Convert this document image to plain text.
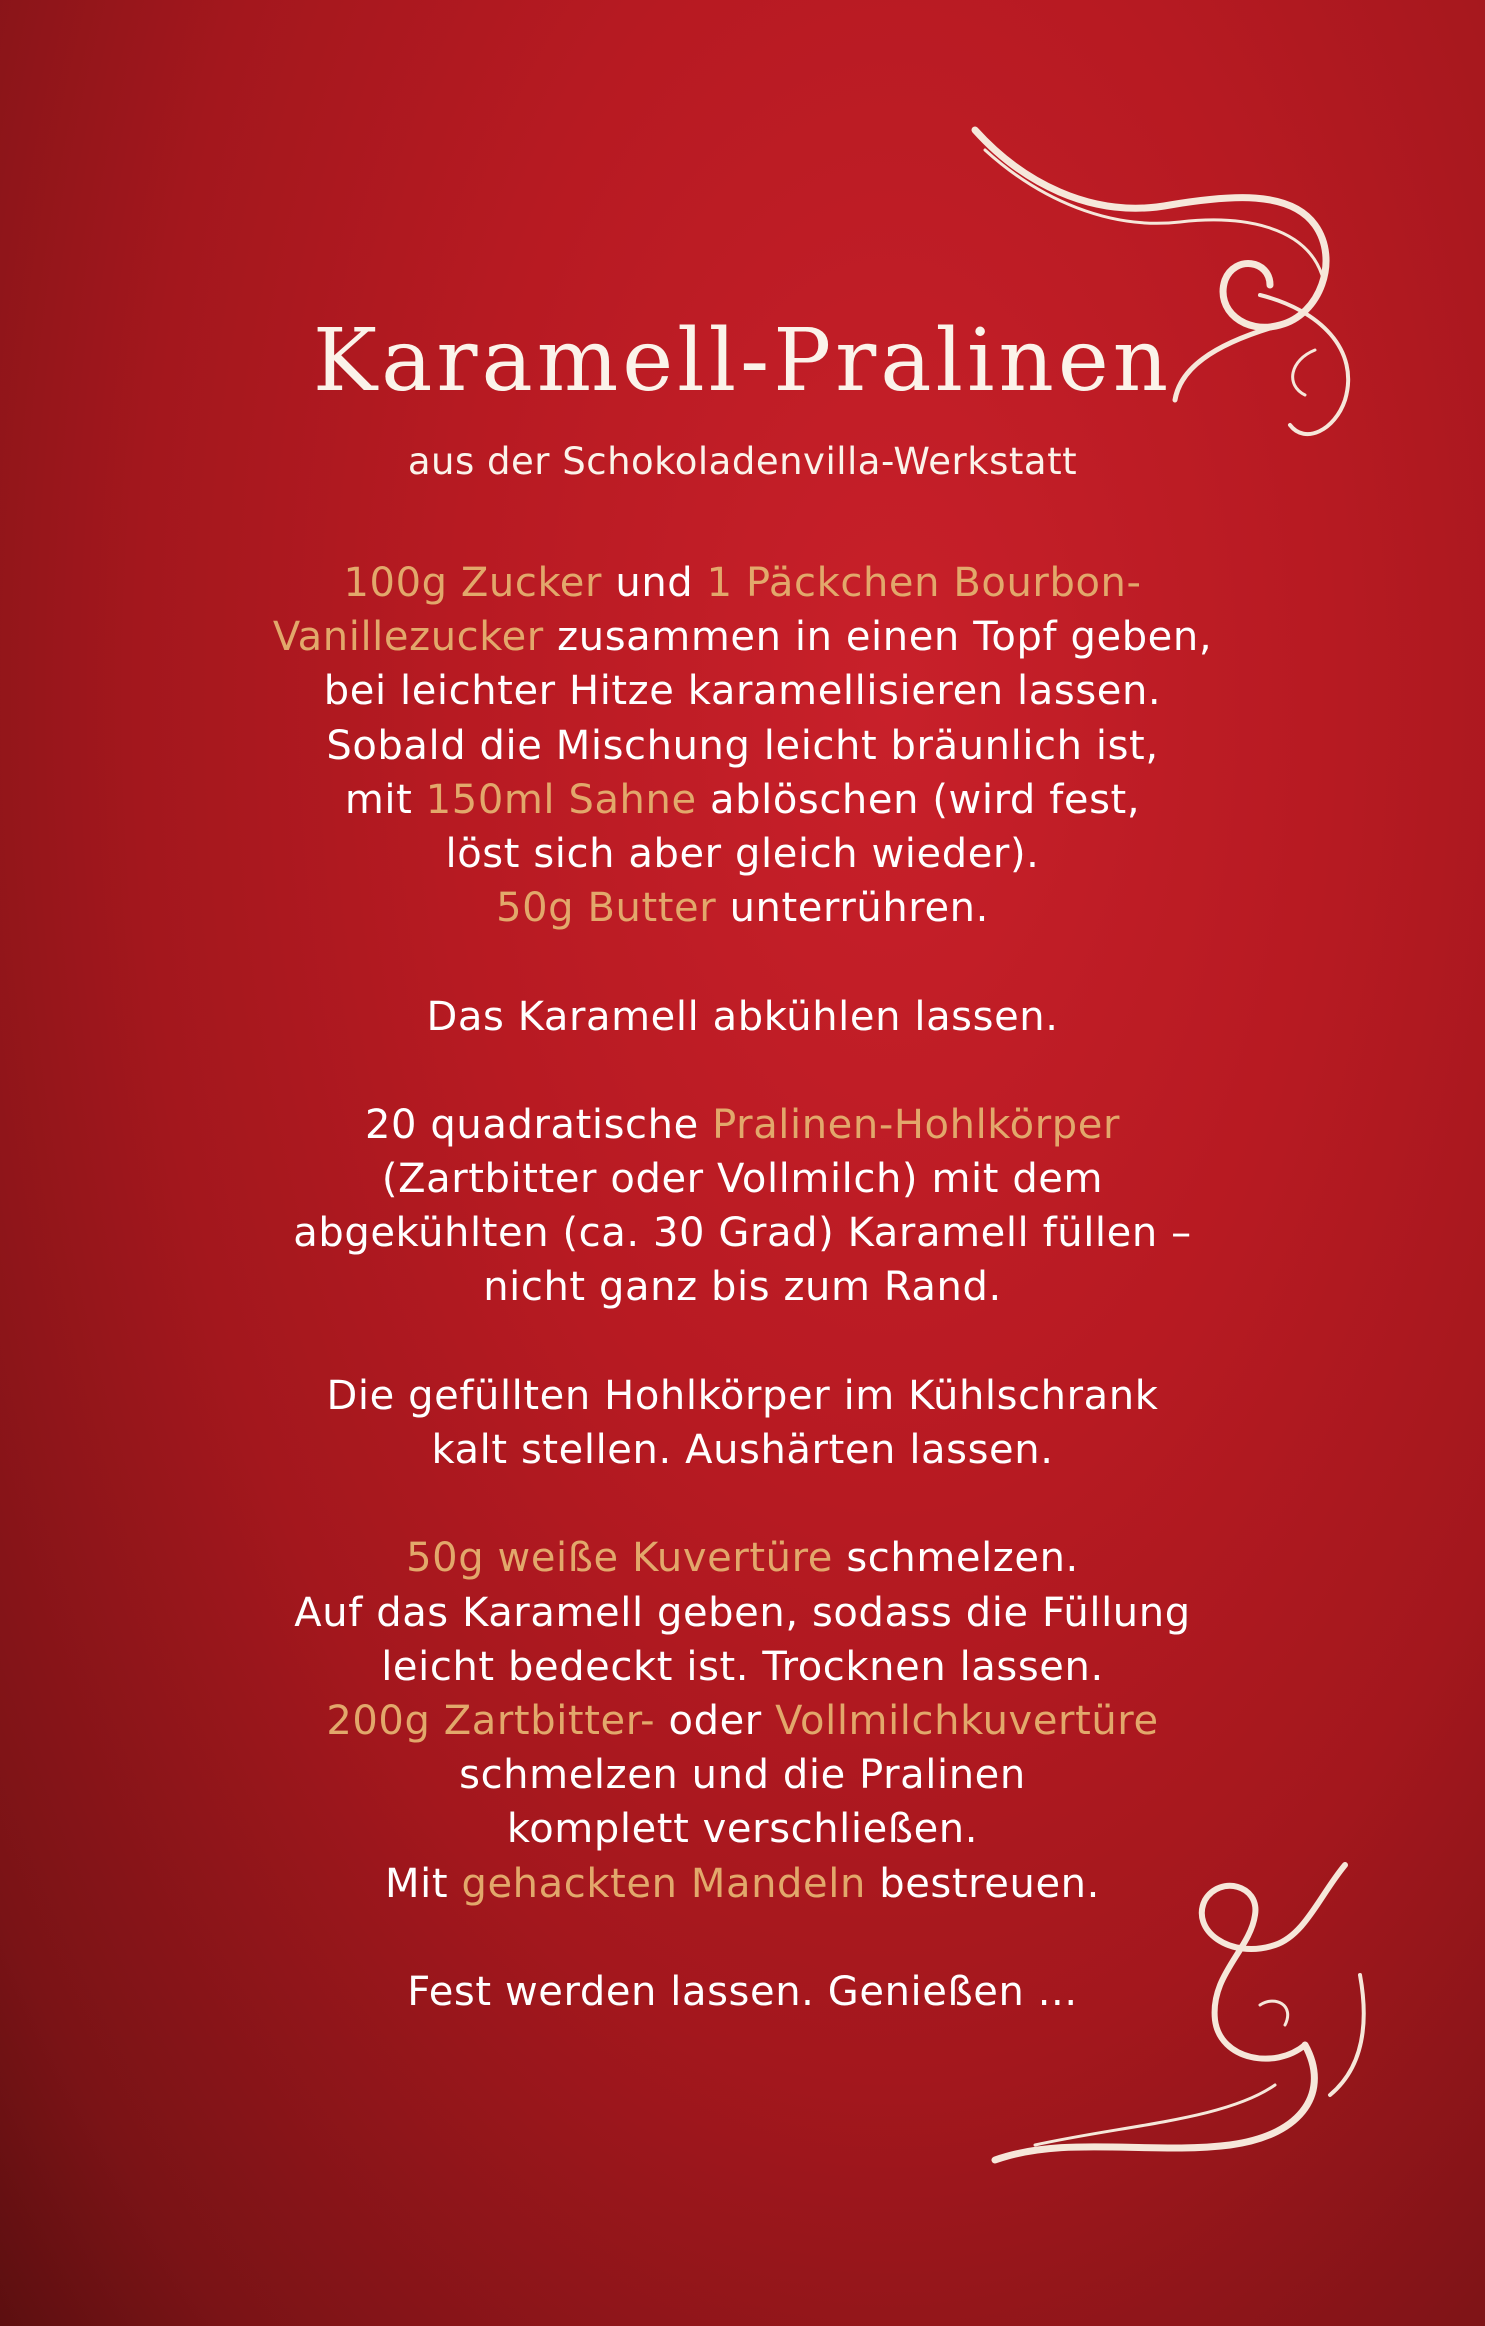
Karamell-Pralinen
aus der Schokoladenvilla-Werkstatt
100g Zucker und 1 Päckchen Bourbon-
Vanillezucker zusammen in einen Topf geben,
bei leichter Hitze karamellisieren lassen.
Sobald die Mischung leicht bräunlich ist,
mit 150ml Sahne ablöschen (wird fest,
löst sich aber gleich wieder).
50g Butter unterrühren.
Das Karamell abkühlen lassen.
20 quadratische Pralinen-Hohlkörper
(Zartbitter oder Vollmilch) mit dem
abgekühlten (ca. 30 Grad) Karamell füllen –
nicht ganz bis zum Rand.
Die gefüllten Hohlkörper im Kühlschrank
kalt stellen. Aushärten lassen.
50g weiße Kuvertüre schmelzen.
Auf das Karamell geben, sodass die Füllung
leicht bedeckt ist. Trocknen lassen.
200g Zartbitter- oder Vollmilchkuvertüre
schmelzen und die Pralinen
komplett verschließen.
Mit gehackten Mandeln bestreuen.
Fest werden lassen. Genießen ...
